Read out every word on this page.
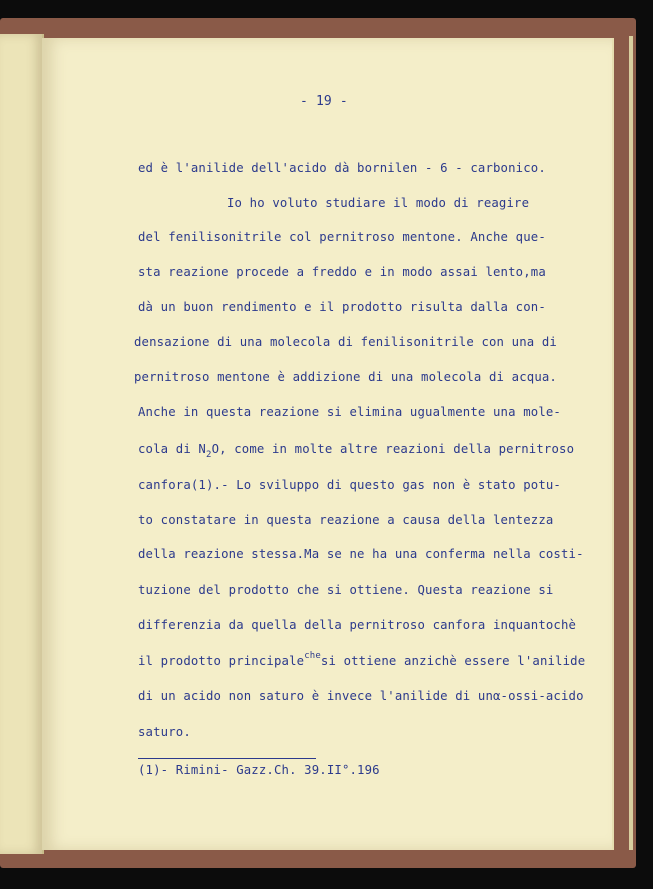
- 19 -
ed è l'anilide dell'acido dà bornilen - 6 - carbonico.
Io ho voluto studiare il modo di reagire
del fenilisonitrile col pernitroso mentone. Anche que-
sta reazione procede a freddo e in modo assai lento,ma
dà un buon rendimento e il prodotto risulta dalla con-
densazione di una molecola di fenilisonitrile con una di
pernitroso mentone è addizione di una molecola di acqua.
Anche in questa reazione si elimina ugualmente una mole-
cola di $N_2O$, come in molte altre reazioni della pernitroso
canfora(1).- Lo sviluppo di questo gas non è stato potu-
to constatare in questa reazione a causa della lentezza
della reazione stessa.Ma se ne ha una conferma nella costi-
tuzione del prodotto che si ottiene. Questa reazione si
differenzia da quella della pernitroso canfora inquantochè
il prodotto principale$^{che}$si ottiene anzichè essere l'anilide
di un acido non saturo è invece l'anilide di unα-ossi-acido
saturo.
(1)- Rimini- Gazz.Ch. 39.II°.196
